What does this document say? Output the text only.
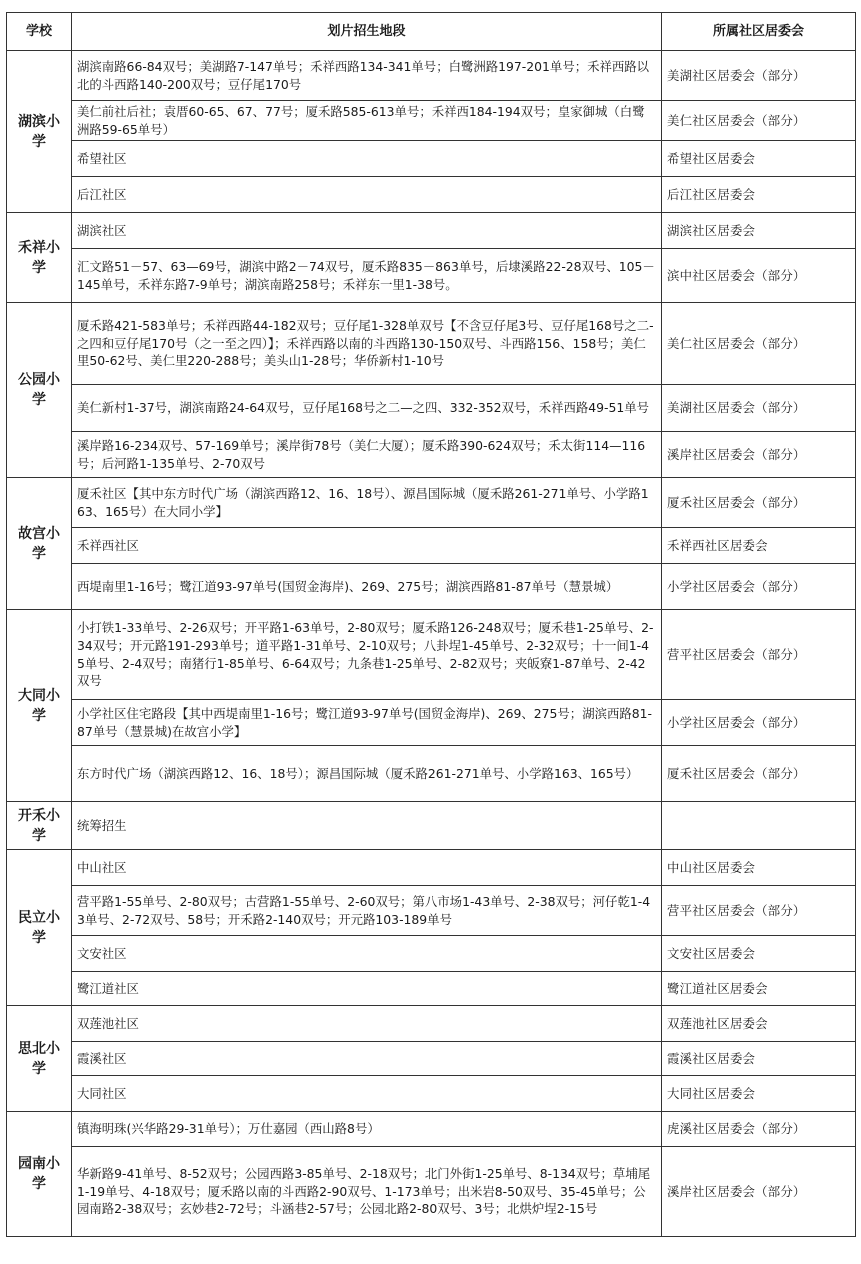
学校	划片招生地段	所属社区居委会
湖滨小学	湖滨南路66-84双号；美湖路7-147单号；禾祥西路134-341单号；白鹭洲路197-201单号；禾祥西路以北的斗西路140-200双号；豆仔尾170号	美湖社区居委会（部分）
	美仁前社后社；袁厝60-65、67、77号；厦禾路585-613单号；禾祥西184-194双号；皇家御城（白鹭洲路59-65单号）	美仁社区居委会（部分）
	希望社区	希望社区居委会
	后江社区	后江社区居委会
禾祥小学	湖滨社区	湖滨社区居委会
	汇文路51－57、63—69号，湖滨中路2－74双号，厦禾路835－863单号，后埭溪路22-28双号、105－145单号，禾祥东路7-9单号；湖滨南路258号；禾祥东一里1-38号。	滨中社区居委会（部分）
公园小学	厦禾路421-583单号；禾祥西路44-182双号；豆仔尾1-328单双号【不含豆仔尾3号、豆仔尾168号之二-之四和豆仔尾170号（之一至之四）】；禾祥西路以南的斗西路130-150双号、斗西路156、158号；美仁里50-62号、美仁里220-288号；美头山1-28号；华侨新村1-10号	美仁社区居委会（部分）
	美仁新村1-37号，湖滨南路24-64双号，豆仔尾168号之二—之四、332-352双号，禾祥西路49-51单号	美湖社区居委会（部分）
	溪岸路16-234双号、57-169单号；溪岸街78号（美仁大厦）；厦禾路390-624双号；禾太街114—116号；后河路1-135单号、2-70双号	溪岸社区居委会（部分）
故宫小学	厦禾社区【其中东方时代广场（湖滨西路12、16、18号）、源昌国际城（厦禾路261-271单号、小学路163、165号）在大同小学】	厦禾社区居委会（部分）
	禾祥西社区	禾祥西社区居委会
	西堤南里1-16号；鹭江道93-97单号(国贸金海岸)、269、275号；湖滨西路81-87单号（慧景城）	小学社区居委会（部分）
大同小学	小打铁1-33单号、2-26双号；开平路1-63单号，2-80双号；厦禾路126-248双号；厦禾巷1-25单号、2-34双号；开元路191-293单号；道平路1-31单号、2-10双号；八卦埕1-45单号、2-32双号；十一间1-45单号、2-4双号；南猪行1-85单号、6-64双号；九条巷1-25单号、2-82双号；夹皈寮1-87单号、2-42双号	营平社区居委会（部分）
	小学社区住宅路段【其中西堤南里1-16号；鹭江道93-97单号(国贸金海岸)、269、275号；湖滨西路81-87单号（慧景城)在故宫小学】	小学社区居委会（部分）
	东方时代广场（湖滨西路12、16、18号）；源昌国际城（厦禾路261-271单号、小学路163、165号）	厦禾社区居委会（部分）
开禾小学	统筹招生	
民立小学	中山社区	中山社区居委会
	营平路1-55单号、2-80双号；古营路1-55单号、2-60双号；第八市场1-43单号、2-38双号；河仔乾1-43单号、2-72双号、58号；开禾路2-140双号；开元路103-189单号	营平社区居委会（部分）
	文安社区	文安社区居委会
	鹭江道社区	鹭江道社区居委会
思北小学	双莲池社区	双莲池社区居委会
	霞溪社区	霞溪社区居委会
	大同社区	大同社区居委会
园南小学	镇海明珠(兴华路29-31单号）；万仕嘉园（西山路8号）	虎溪社区居委会（部分）
	华新路9-41单号、8-52双号；公园西路3-85单号、2-18双号；北门外街1-25单号、8-134双号；草埔尾1-19单号、4-18双号；厦禾路以南的斗西路2-90双号、1-173单号；出米岩8-50双号、35-45单号；公园南路2-38双号；玄妙巷2-72号；斗涵巷2-57号；公园北路2-80双号、3号；北烘炉埕2-15号	溪岸社区居委会（部分）
